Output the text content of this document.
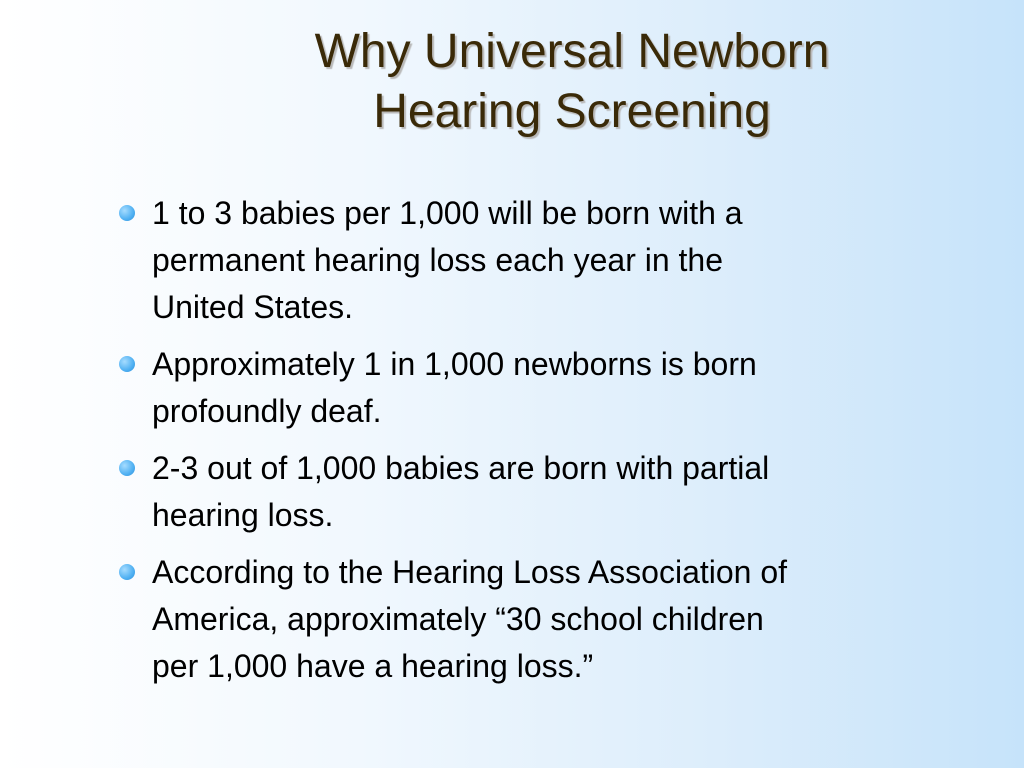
Why Universal Newborn
Hearing Screening
1 to 3 babies per 1,000 will be born with a
permanent hearing loss each year in the
United States.
Approximately 1 in 1,000 newborns is born
profoundly deaf.
2-3 out of 1,000 babies are born with partial
hearing loss.
According to the Hearing Loss Association of
America, approximately “30 school children
per 1,000 have a hearing loss.”
